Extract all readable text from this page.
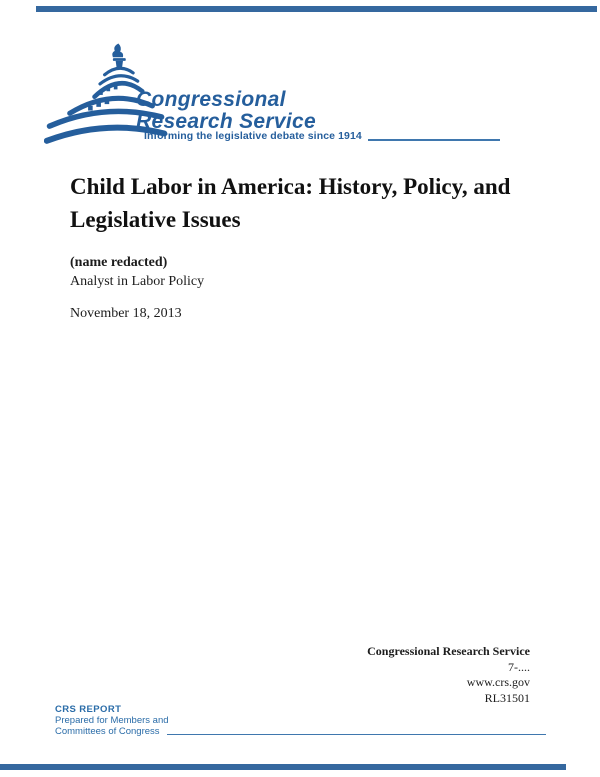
Congressional
Research Service
Informing the legislative debate since 1914
Child Labor in America: History, Policy, and
Legislative Issues
(name redacted)
Analyst in Labor Policy
November 18, 2013
Congressional Research Service
7-....
www.crs.gov
RL31501
CRS REPORT
Prepared for Members and
Committees of Congress
